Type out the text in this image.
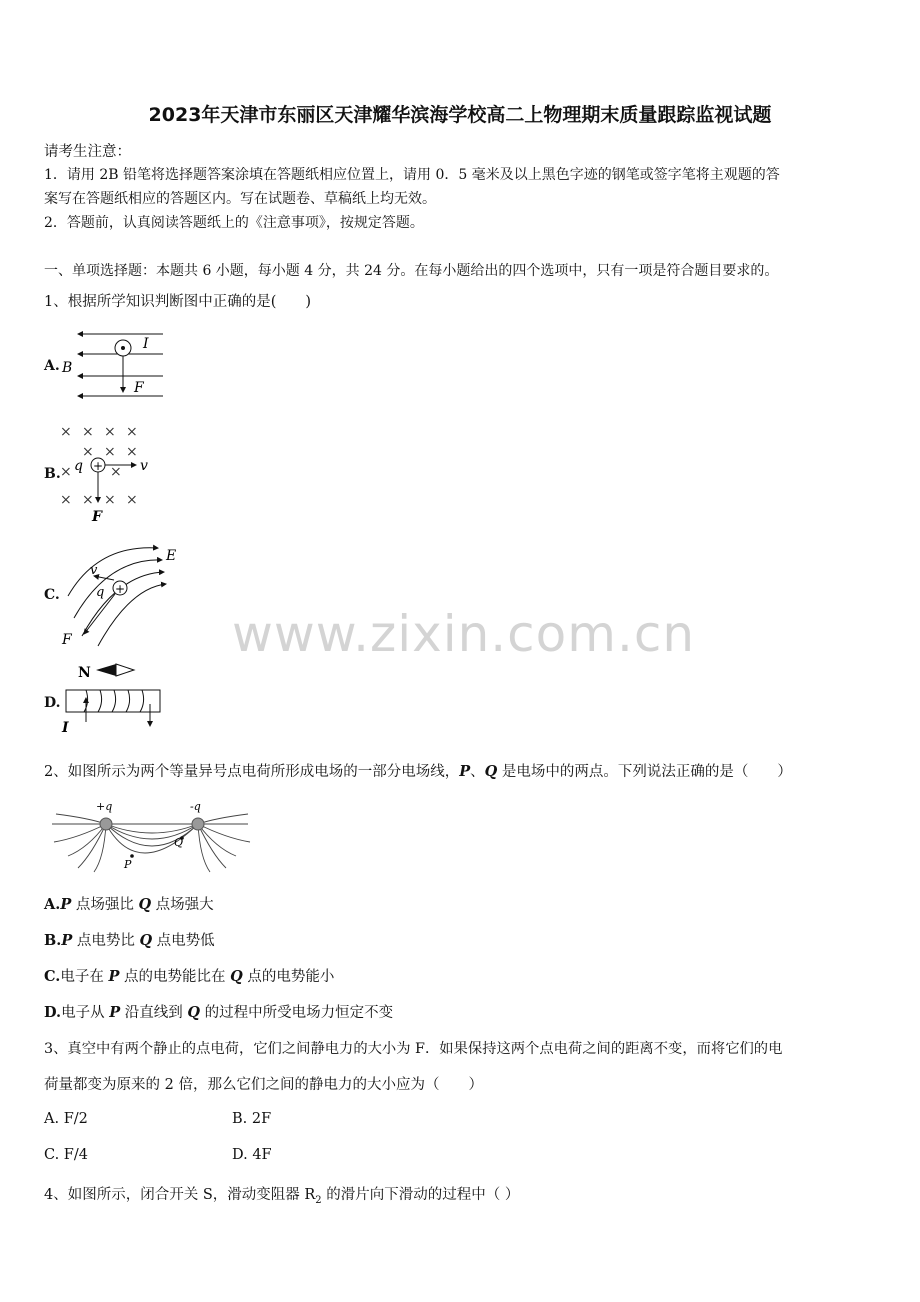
2023年天津市东丽区天津耀华滨海学校高二上物理期末质量跟踪监视试题
请考生注意：
1．请用 2B 铅笔将选择题答案涂填在答题纸相应位置上，请用 0．5 毫米及以上黑色字迹的钢笔或签字笔将主观题的答
案写在答题纸相应的答题区内。写在试题卷、草稿纸上均无效。
2．答题前，认真阅读答题纸上的《注意事项》，按规定答题。
一、单项选择题：本题共 6 小题，每小题 4 分，共 24 分。在每小题给出的四个选项中，只有一项是符合题目要求的。
1、根据所学知识判断图中正确的是(　　)
A.
I
B
F
B.
× × × ×
× × ×
×	×
× × × ×
+
q	v
F
C.	+
E
v
q
F
D.
N
I
2、如图所示为两个等量异号点电荷所形成电场的一部分电场线，P、Q 是电场中的两点。下列说法正确的是（　　）
+q	-q
P
Q
A.P 点场强比 Q 点场强大
B.P 点电势比 Q 点电势低
C.电子在 P 点的电势能比在 Q 点的电势能小
D.电子从 P 沿直线到 Q 的过程中所受电场力恒定不变
3、真空中有两个静止的点电荷，它们之间静电力的大小为 F．如果保持这两个点电荷之间的距离不变，而将它们的电
荷量都变为原来的 2 倍，那么它们之间的静电力的大小应为（　　）
A. F/2	B. 2F
C. F/4	D. 4F
4、如图所示，闭合开关 S，滑动变阻器 $R_2$ 的滑片向下滑动的过程中（ ）
www.zixin.com.cn
